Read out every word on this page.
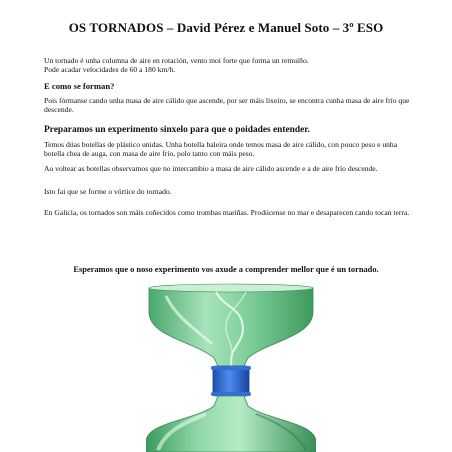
OS TORNADOS – David Pérez e Manuel Soto – 3º ESO

Un tornado é unha columna de aire en rotación, vento moi forte que forma un remuíño.

Pode acadar velocidades de 60 a 180 km/h.

E como se forman?

Pois fórmanse cando unha masa de aire cálido que ascende, por ser máis lixeiro, se encontra cunha masa de aire frío que descende.

Preparamos un experimento sinxelo para que o poidades entender.

Temos dúas botellas de plástico unidas. Unha botella baleira onde temos masa de aire cálido, con pouco peso e unha botella chea de auga, con masa de aire frío, polo tanto con máis peso.

Ao voltear as botellas observamos que no intercambio a masa de aire cálido ascende e a de aire frío descende.

Isto fai que se forme o vórtice do tornado.

En Galicia, os tornados son máis coñecidos como trombas mariñas. Prodúcense no mar e desaparecen cando tocan terra.

Esperamos que o noso experimento vos axude a comprender mellor que é un tornado.
